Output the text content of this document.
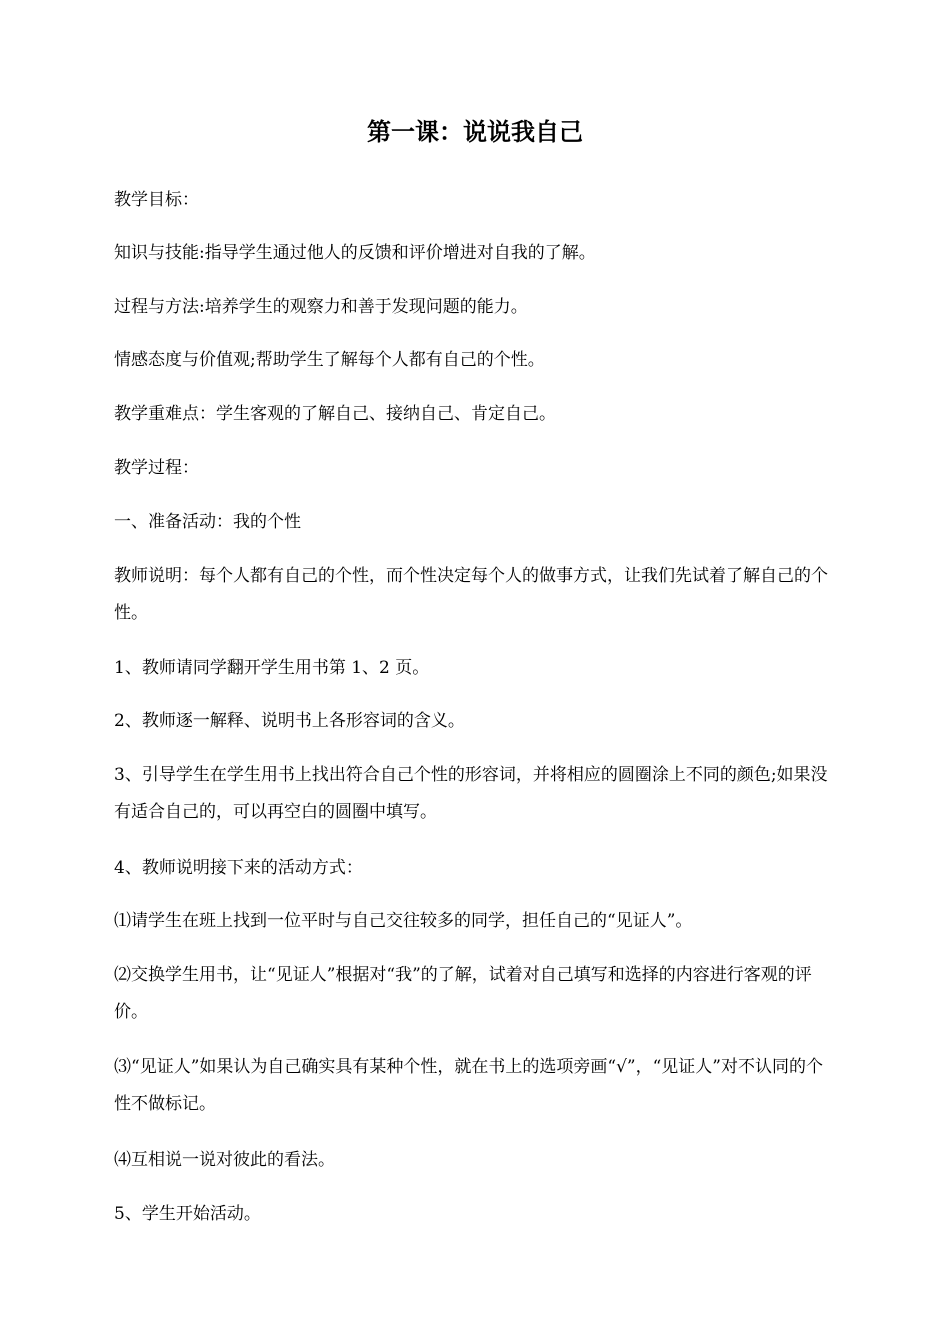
第一课：说说我自己

教学目标：

知识与技能:指导学生通过他人的反馈和评价增进对自我的了解。

过程与方法:培养学生的观察力和善于发现问题的能力。

情感态度与价值观;帮助学生了解每个人都有自己的个性。

教学重难点：学生客观的了解自己、接纳自己、肯定自己。

教学过程：

一、准备活动：我的个性

教师说明：每个人都有自己的个性，而个性决定每个人的做事方式，让我们先试着了解自己的个性。

1、教师请同学翻开学生用书第 1、2 页。

2、教师逐一解释、说明书上各形容词的含义。

3、引导学生在学生用书上找出符合自己个性的形容词，并将相应的圆圈涂上不同的颜色;如果没有适合自己的，可以再空白的圆圈中填写。

4、教师说明接下来的活动方式：

⑴请学生在班上找到一位平时与自己交往较多的同学，担任自己的“见证人”。

⑵交换学生用书，让“见证人”根据对“我”的了解，试着对自己填写和选择的内容进行客观的评价。

⑶“见证人”如果认为自己确实具有某种个性，就在书上的选项旁画“√”，“见证人”对不认同的个性不做标记。

⑷互相说一说对彼此的看法。

5、学生开始活动。
